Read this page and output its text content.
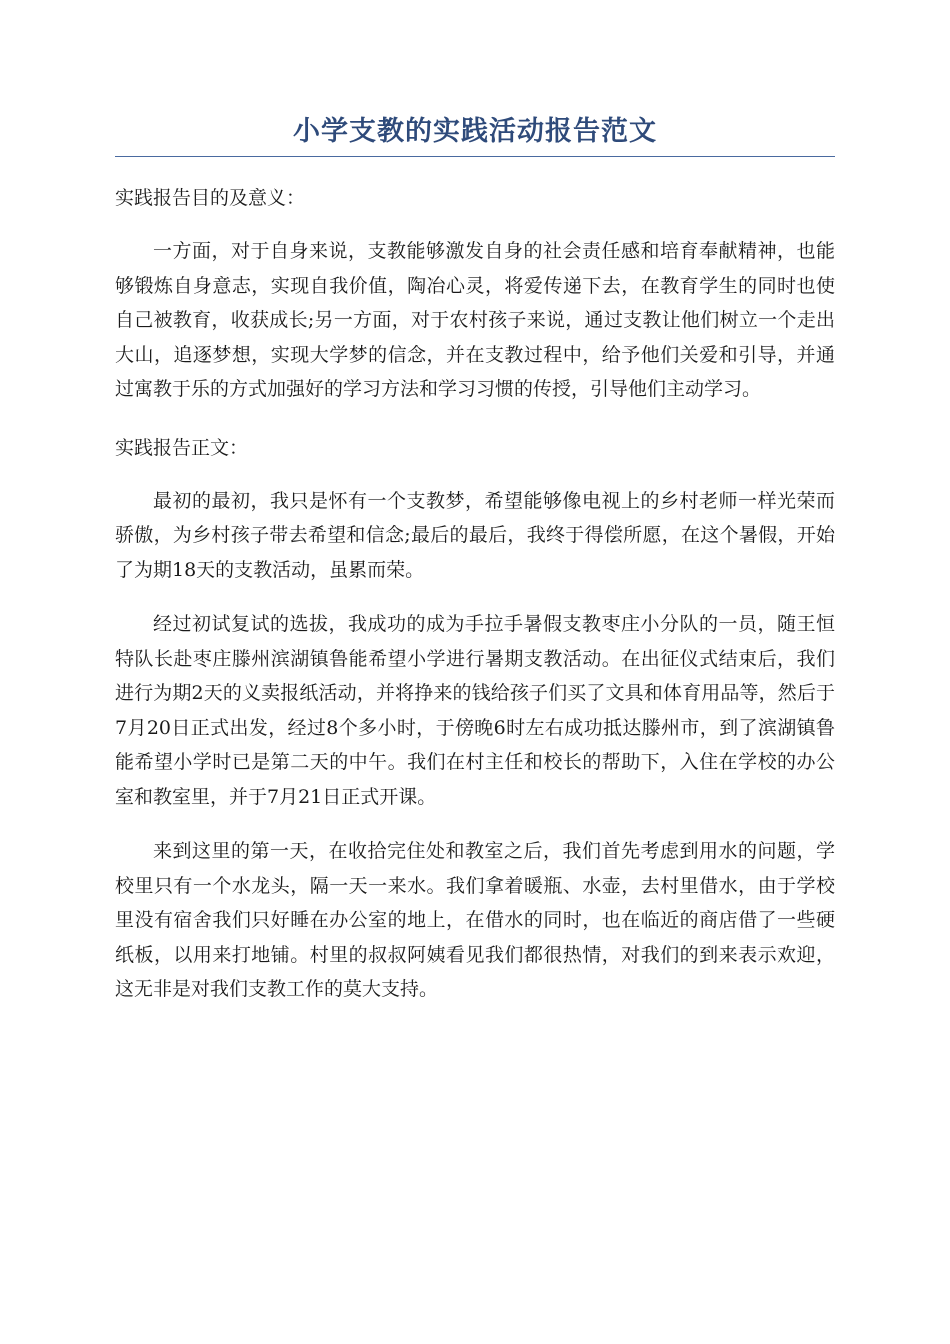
小学支教的实践活动报告范文

实践报告目的及意义：

一方面，对于自身来说，支教能够激发自身的社会责任感和培育奉献精神，也能够锻炼自身意志，实现自我价值，陶冶心灵，将爱传递下去，在教育学生的同时也使自己被教育，收获成长;另一方面，对于农村孩子来说，通过支教让他们树立一个走出大山，追逐梦想，实现大学梦的信念，并在支教过程中，给予他们关爱和引导，并通过寓教于乐的方式加强好的学习方法和学习习惯的传授，引导他们主动学习。

实践报告正文：

最初的最初，我只是怀有一个支教梦，希望能够像电视上的乡村老师一样光荣而骄傲，为乡村孩子带去希望和信念;最后的最后，我终于得偿所愿，在这个暑假，开始了为期18天的支教活动，虽累而荣。

经过初试复试的选拔，我成功的成为手拉手暑假支教枣庄小分队的一员，随王恒特队长赴枣庄滕州滨湖镇鲁能希望小学进行暑期支教活动。在出征仪式结束后，我们进行为期2天的义卖报纸活动，并将挣来的钱给孩子们买了文具和体育用品等，然后于7月20日正式出发，经过8个多小时，于傍晚6时左右成功抵达滕州市，到了滨湖镇鲁能希望小学时已是第二天的中午。我们在村主任和校长的帮助下，入住在学校的办公室和教室里，并于7月21日正式开课。

来到这里的第一天，在收拾完住处和教室之后，我们首先考虑到用水的问题，学校里只有一个水龙头，隔一天一来水。我们拿着暖瓶、水壶，去村里借水，由于学校里没有宿舍我们只好睡在办公室的地上，在借水的同时，也在临近的商店借了一些硬纸板，以用来打地铺。村里的叔叔阿姨看见我们都很热情，对我们的到来表示欢迎，这无非是对我们支教工作的莫大支持。
